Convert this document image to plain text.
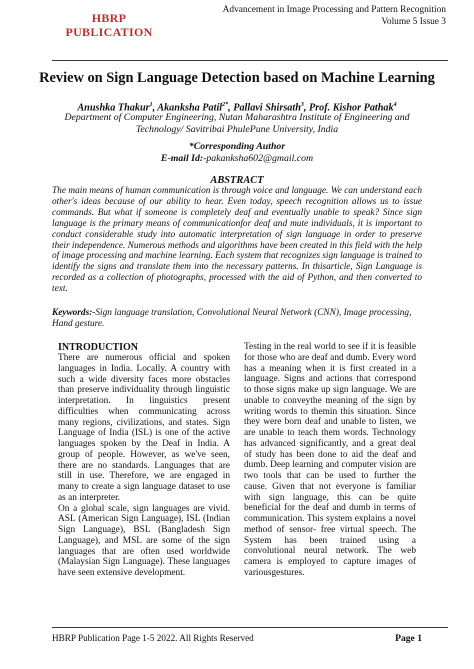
HBRP
PUBLICATION
Advancement in Image Processing and Pattern Recognition
Volume 5 Issue 3
Review on Sign Language Detection based on Machine Learning
Anushka Thakur$^1$, Akanksha Patil$^{2*}$, Pallavi Shirsath$^3$, Prof. Kishor Pathak$^4$
Department of Computer Engineering, Nutan Maharashtra Institute of Engineering and Technology/ Savitribai PhulePune University, India
*Corresponding Author
E-mail Id:-pakanksha602@gmail.com
ABSTRACT
The main means of human communication is through voice and language. We can understand each other's ideas because of our ability to hear. Even today, speech recognition allows us to issue commands. But what if someone is completely deaf and eventually unable to speak? Since sign language is the primary means of communicationfor deaf and mute individuals, it is important to conduct considerable study into automatic interpretation of sign language in order to preserve their independence. Numerous methods and algorithms have been created in this field with the help of image processing and machine learning. Each system that recognizes sign language is trained to identify the signs and translate them into the necessary patterns. In thisarticle, Sign Language is recorded as a collection of photographs, processed with the aid of Python, and then converted to text.
Keywords:-Sign language translation, Convolutional Neural Network (CNN), Image processing, Hand gesture.
INTRODUCTION

There are numerous official and spoken languages in India. Locally. A country with such a wide diversity faces more obstacles than preserve individuality through linguistic interpretation. In linguistics present difficulties when communicating across many regions, civilizations, and states. Sign Language of India (ISL) is one of the active languages spoken by the Deaf in India. A group of people. However, as we've seen, there are no standards. Languages that are still in use. Therefore, we are engaged in many to create a sign language dataset to use as an interpreter.

On a global scale, sign languages are vivid. ASL (American Sign Language), ISL (Indian Sign Language), BSL (Bangladesh Sign Language), and MSL are some of the sign languages that are often used worldwide (Malaysian Sign Language). These languages have seen extensive development.

Testing in the real world to see if it is feasible for those who are deaf and dumb. Every word has a meaning when it is first created in a language. Signs and actions that correspond to those signs make up sign language. We are unable to conveythe meaning of the sign by writing words to themin this situation. Since they were born deaf and unable to listen, we are unable to teach them words. Technology has advanced significantly, and a great deal of study has been done to aid the deaf and dumb. Deep learning and computer vision are two tools that can be used to further the cause. Given that not everyone is familiar with sign language, this can be quite beneficial for the deaf and dumb in terms of communication. This system explains a novel method of sensor- free virtual speech. The System has been trained using a convolutional neural network. The web camera is employed to capture images of variousgestures.

HBRP Publication Page 1-5 2022. All Rights Reserved	Page 1
